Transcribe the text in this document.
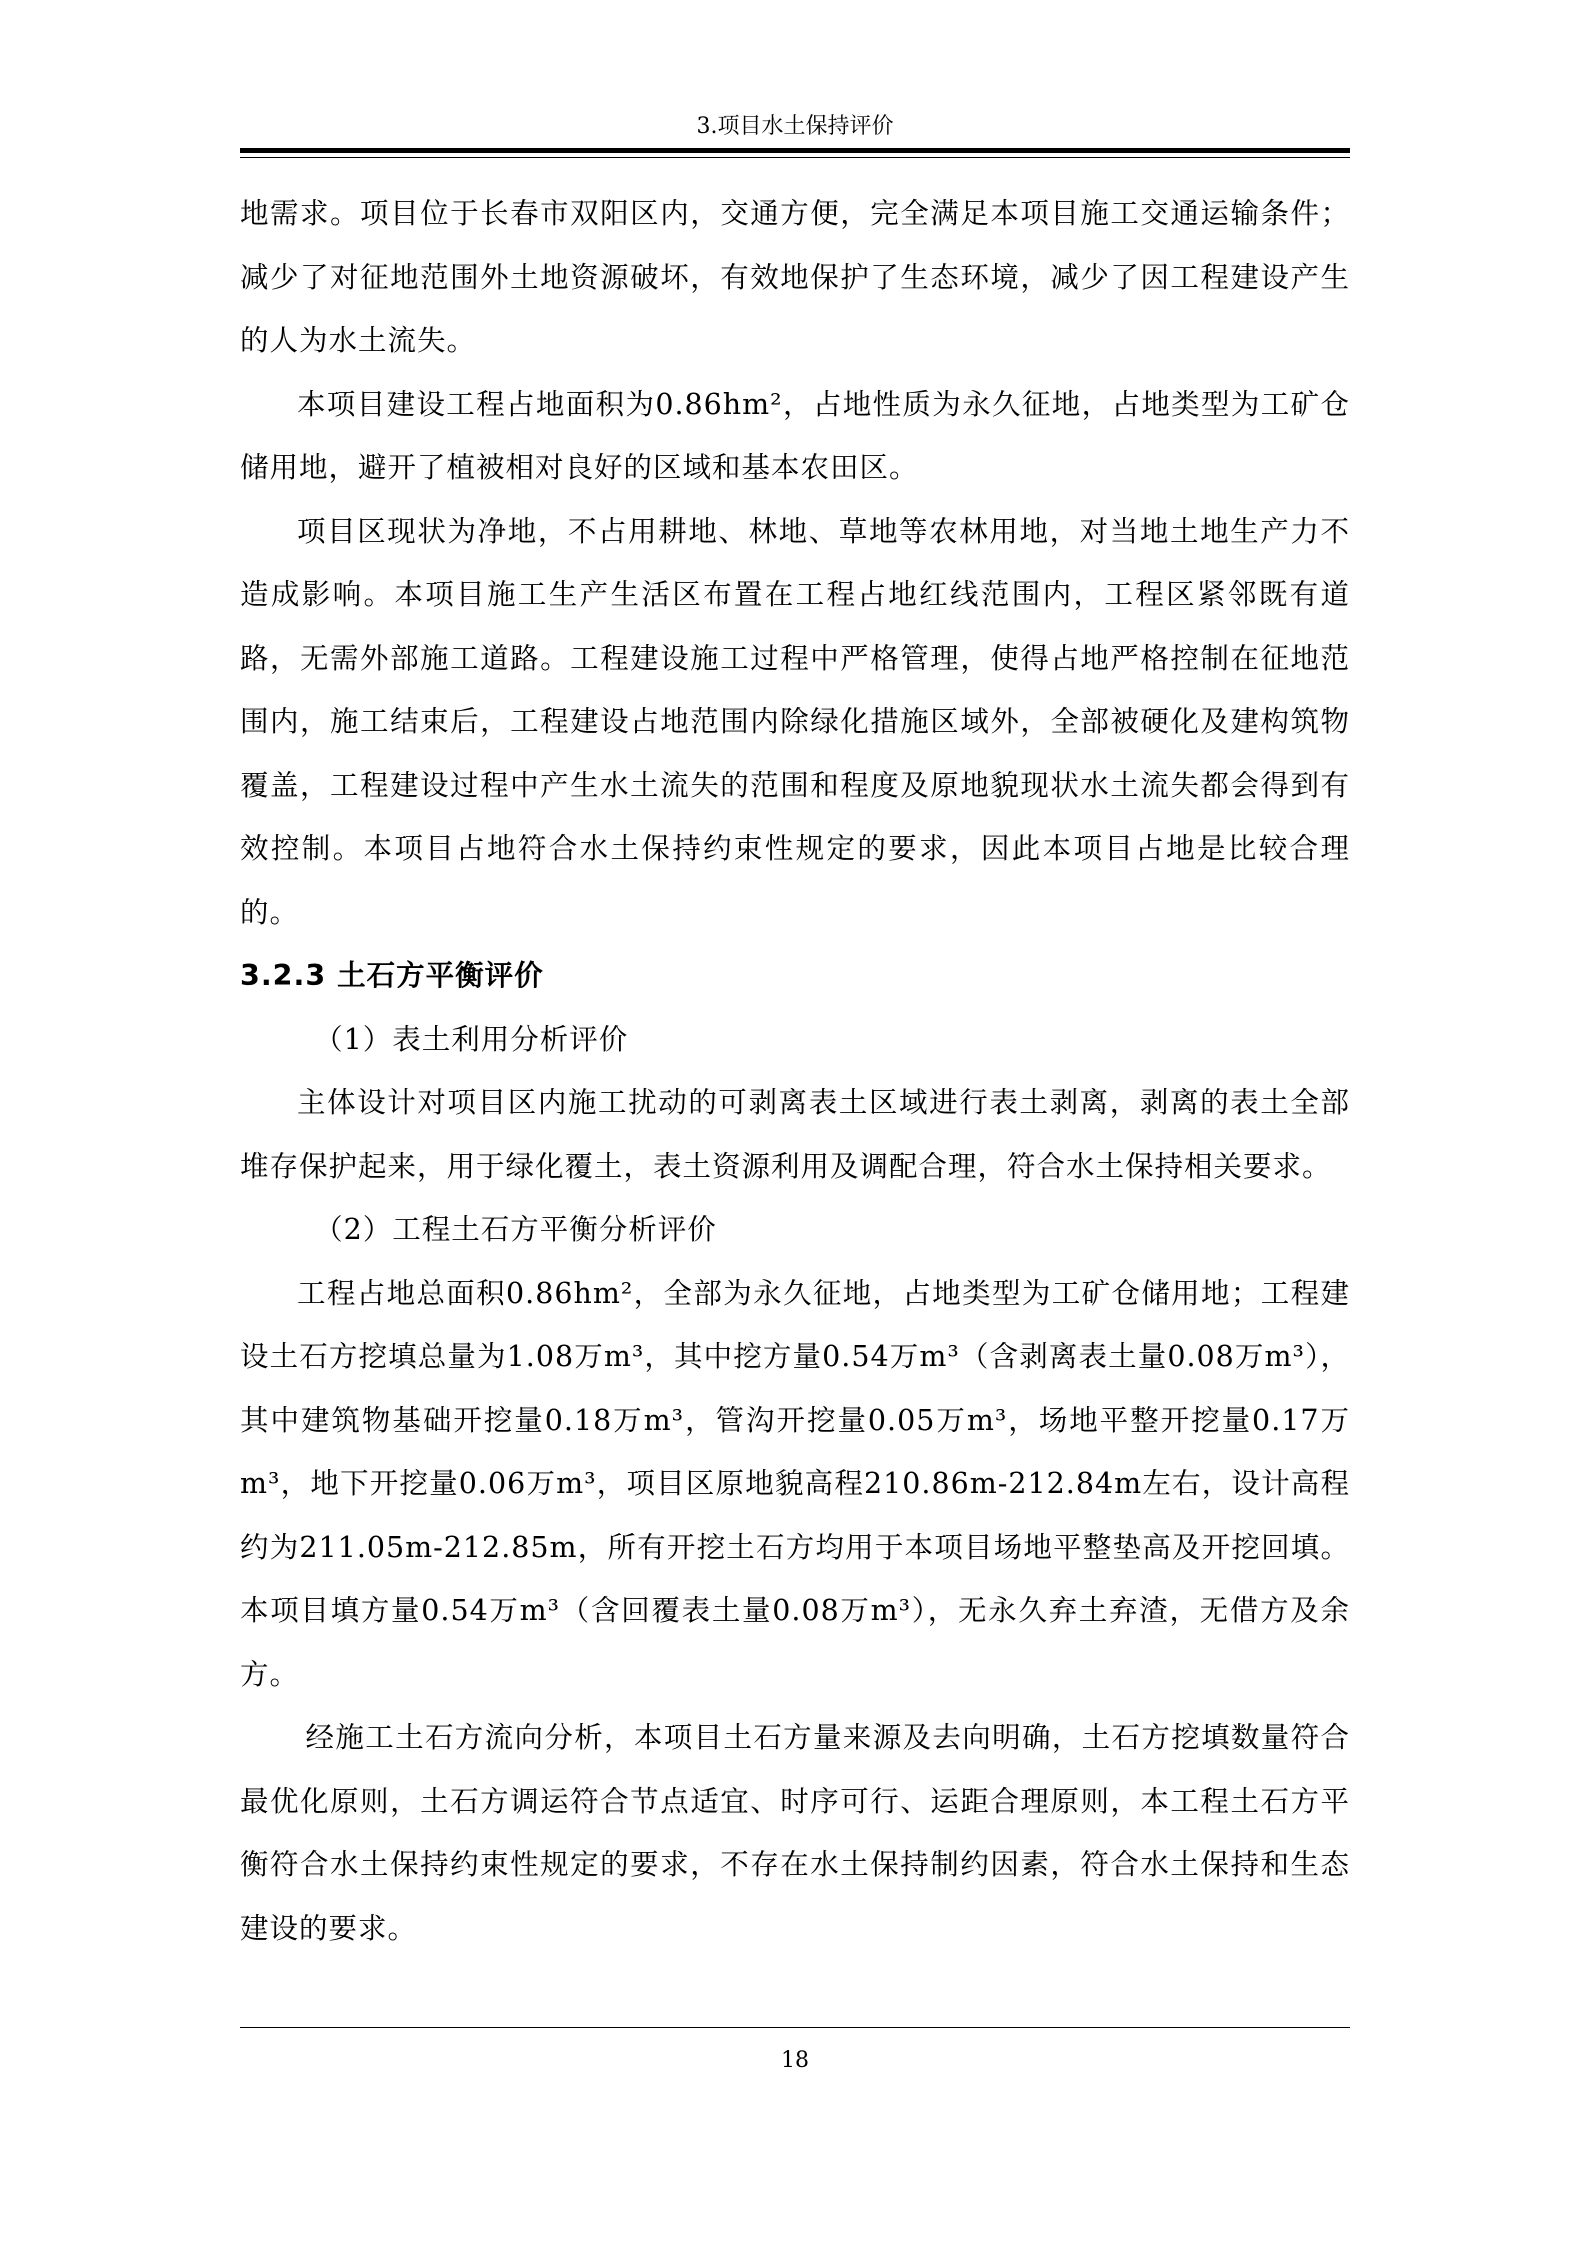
3.项目水土保持评价

地需求。项目位于长春市双阳区内，交通方便，完全满足本项目施工交通运输条件；减少了对征地范围外土地资源破坏，有效地保护了生态环境，减少了因工程建设产生的人为水土流失。

本项目建设工程占地面积为0.86hm²，占地性质为永久征地，占地类型为工矿仓储用地，避开了植被相对良好的区域和基本农田区。

项目区现状为净地，不占用耕地、林地、草地等农林用地，对当地土地生产力不造成影响。本项目施工生产生活区布置在工程占地红线范围内，工程区紧邻既有道路，无需外部施工道路。工程建设施工过程中严格管理，使得占地严格控制在征地范围内，施工结束后，工程建设占地范围内除绿化措施区域外，全部被硬化及建构筑物覆盖，工程建设过程中产生水土流失的范围和程度及原地貌现状水土流失都会得到有效控制。本项目占地符合水土保持约束性规定的要求，因此本项目占地是比较合理的。

3.2.3 土石方平衡评价

（1）表土利用分析评价

主体设计对项目区内施工扰动的可剥离表土区域进行表土剥离，剥离的表土全部堆存保护起来，用于绿化覆土，表土资源利用及调配合理，符合水土保持相关要求。

（2）工程土石方平衡分析评价

工程占地总面积0.86hm²，全部为永久征地，占地类型为工矿仓储用地；工程建设土石方挖填总量为1.08万m³，其中挖方量0.54万m³（含剥离表土量0.08万m³），其中建筑物基础开挖量0.18万m³，管沟开挖量0.05万m³，场地平整开挖量0.17万m³，地下开挖量0.06万m³，项目区原地貌高程210.86m-212.84m左右，设计高程约为211.05m-212.85m，所有开挖土石方均用于本项目场地平整垫高及开挖回填。本项目填方量0.54万m³（含回覆表土量0.08万m³），无永久弃土弃渣，无借方及余方。

经施工土石方流向分析，本项目土石方量来源及去向明确，土石方挖填数量符合最优化原则，土石方调运符合节点适宜、时序可行、运距合理原则，本工程土石方平衡符合水土保持约束性规定的要求，不存在水土保持制约因素，符合水土保持和生态建设的要求。

18
